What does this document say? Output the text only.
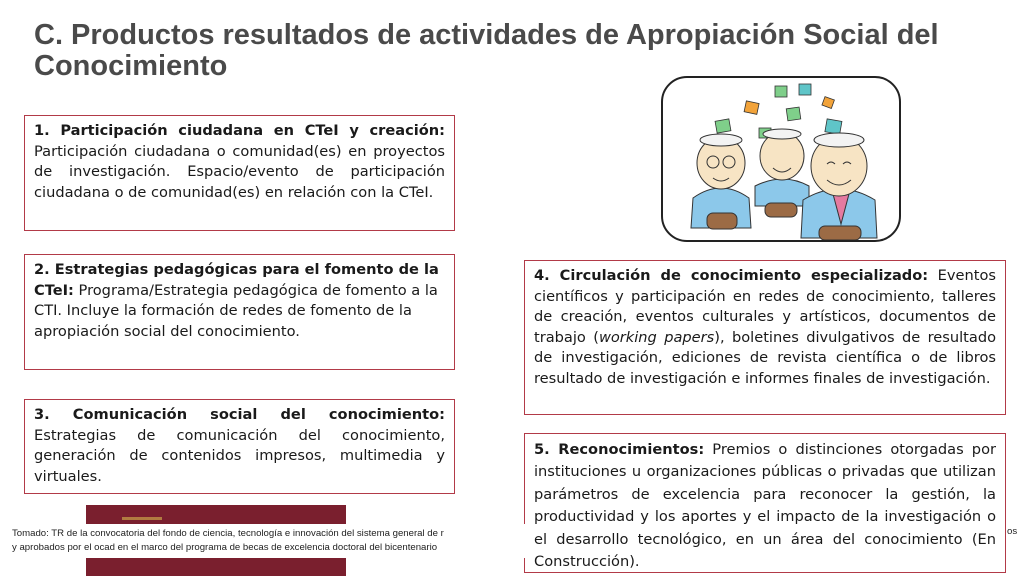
C. Productos resultados de actividades de Apropiación Social del Conocimiento
1. Participación ciudadana en CTeI y creación: Participación ciudadana o comunidad(es) en proyectos de investigación. Espacio/evento de participación ciudadana o de comunidad(es) en relación con la CTeI.
2. Estrategias pedagógicas para el fomento de la CTeI: Programa/Estrategia pedagógica de fomento a la CTI. Incluye la formación de redes de fomento de la apropiación social del conocimiento.
3. Comunicación social del conocimiento: Estrategias de comunicación del conocimiento, generación de contenidos impresos, multimedia y virtuales.
4. Circulación de conocimiento especializado: Eventos científicos y participación en redes de conocimiento, talleres de creación, eventos culturales y artísticos, documentos de trabajo (working papers), boletines divulgativos de resultado de investigación, ediciones de revista científica o de libros resultado de investigación e informes finales de investigación.
5. Reconocimientos: Premios o distinciones otorgadas por instituciones u organizaciones públicas o privadas que utilizan parámetros de excelencia para reconocer la gestión, la productividad y los aportes y el impacto de la investigación o el desarrollo tecnológico, en un área del conocimiento (En Construcción).
Tomado: TR de la convocatoria del fondo de ciencia, tecnología e innovación del sistema general de r
y aprobados por el ocad en el marco del programa de becas de excelencia doctoral del bicentenario
os
